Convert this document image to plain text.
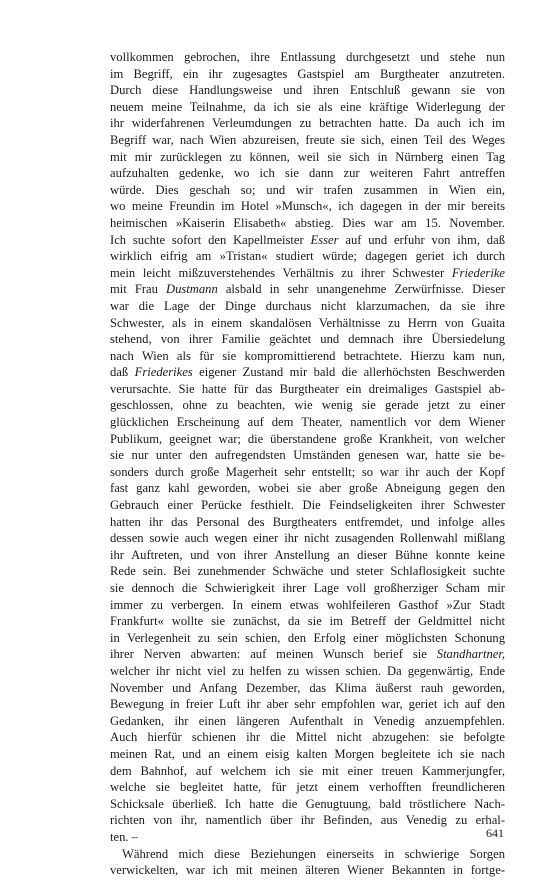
vollkommen gebrochen, ihre Entlassung durchgesetzt und stehe nun
im Begriff, ein ihr zugesagtes Gastspiel am Burgtheater anzutreten.
Durch diese Handlungsweise und ihren Entschluß gewann sie von
neuem meine Teilnahme, da ich sie als eine kräftige Widerlegung der
ihr widerfahrenen Verleumdungen zu betrachten hatte. Da auch ich im
Begriff war, nach Wien abzureisen, freute sie sich, einen Teil des Weges
mit mir zurücklegen zu können, weil sie sich in Nürnberg einen Tag
aufzuhalten gedenke, wo ich sie dann zur weiteren Fahrt antreffen
würde. Dies geschah so; und wir trafen zusammen in Wien ein,
wo meine Freundin im Hotel »Munsch«, ich dagegen in der mir bereits
heimischen »Kaiserin Elisabeth« abstieg. Dies war am 15. November.
Ich suchte sofort den Kapellmeister Esser auf und erfuhr von ihm, daß
wirklich eifrig am »Tristan« studiert würde; dagegen geriet ich durch
mein leicht mißzuverstehendes Verhältnis zu ihrer Schwester Friederike
mit Frau Dustmann alsbald in sehr unangenehme Zerwürfnisse. Dieser
war die Lage der Dinge durchaus nicht klarzumachen, da sie ihre
Schwester, als in einem skandalösen Verhältnisse zu Herrn von Guaita
stehend, von ihrer Familie geächtet und demnach ihre Übersiedelung
nach Wien als für sie kompromittierend betrachtete. Hierzu kam nun,
daß Friederikes eigener Zustand mir bald die allerhöchsten Beschwerden
verursachte. Sie hatte für das Burgtheater ein dreimaliges Gastspiel ab-
geschlossen, ohne zu beachten, wie wenig sie gerade jetzt zu einer
glücklichen Erscheinung auf dem Theater, namentlich vor dem Wiener
Publikum, geeignet war; die überstandene große Krankheit, von welcher
sie nur unter den aufregendsten Umständen genesen war, hatte sie be-
sonders durch große Magerheit sehr entstellt; so war ihr auch der Kopf
fast ganz kahl geworden, wobei sie aber große Abneigung gegen den
Gebrauch einer Perücke festhielt. Die Feindseligkeiten ihrer Schwester
hatten ihr das Personal des Burgtheaters entfremdet, und infolge alles
dessen sowie auch wegen einer ihr nicht zusagenden Rollenwahl mißlang
ihr Auftreten, und von ihrer Anstellung an dieser Bühne konnte keine
Rede sein. Bei zunehmender Schwäche und steter Schlaflosigkeit suchte
sie dennoch die Schwierigkeit ihrer Lage voll großherziger Scham mir
immer zu verbergen. In einem etwas wohlfeileren Gasthof »Zur Stadt
Frankfurt« wollte sie zunächst, da sie im Betreff der Geldmittel nicht
in Verlegenheit zu sein schien, den Erfolg einer möglichsten Schonung
ihrer Nerven abwarten: auf meinen Wunsch berief sie Standhartner,
welcher ihr nicht viel zu helfen zu wissen schien. Da gegenwärtig, Ende
November und Anfang Dezember, das Klima äußerst rauh geworden,
Bewegung in freier Luft ihr aber sehr empfohlen war, geriet ich auf den
Gedanken, ihr einen längeren Aufenthalt in Venedig anzuempfehlen.
Auch hierfür schienen ihr die Mittel nicht abzugehen: sie befolgte
meinen Rat, und an einem eisig kalten Morgen begleitete ich sie nach
dem Bahnhof, auf welchem ich sie mit einer treuen Kammerjungfer,
welche sie begleitet hatte, für jetzt einem verhofften freundlicheren
Schicksale überließ. Ich hatte die Genugtuung, bald tröstlichere Nach-
richten von ihr, namentlich über ihr Befinden, aus Venedig zu erhal-
ten. –
Während mich diese Beziehungen einerseits in schwierige Sorgen
verwickelten, war ich mit meinen älteren Wiener Bekannten in fortge-
641
